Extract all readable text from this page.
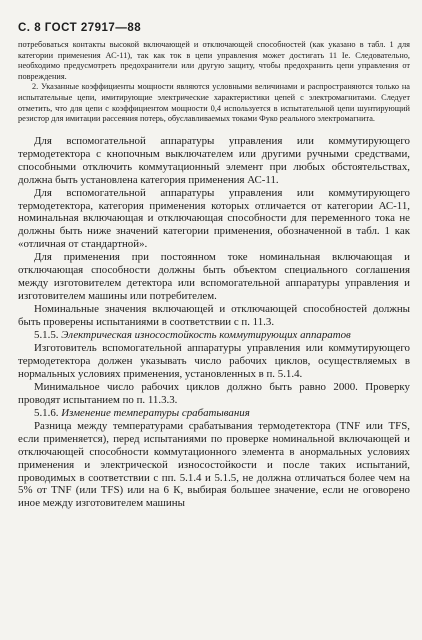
С. 8 ГОСТ 27917—88

потребоваться контакты высокой включающей и отключающей способностей (как указано в табл. 1 для категории применения АС-11), так как ток в цепи управления может достигать 11 Iе. Следовательно, необходимо предусмотреть предохранители или другую защиту, чтобы предохранить цепи управления от повреждения.

2. Указанные коэффициенты мощности являются условными величинами и распространяются только на испытательные цепи, имитирующие электрические характеристики цепей с электромагнитами. Следует отметить, что для цепи с коэффициентом мощности 0,4 используется в испытательной цепи шунтирующий резистор для имитации рассеяния потерь, обуславливаемых токами Фуко реального электромагнита.

Для вспомогательной аппаратуры управления или коммутирующего термодетектора с кнопочным выключателем или другими ручными средствами, способными отключить коммутационный элемент при любых обстоятельствах, должна быть установлена категория применения АС-11.

Для вспомогательной аппаратуры управления или коммутирующего термодетектора, категория применения которых отличается от категории АС-11, номинальная включающая и отключающая способности для переменного тока не должны быть ниже значений категории применения, обозначенной в табл. 1 как «отличная от стандартной».

Для применения при постоянном токе номинальная включающая и отключающая способности должны быть объектом специального соглашения между изготовителем детектора или вспомогательной аппаратуры управления и изготовителем машины или потребителем.

Номинальные значения включающей и отключающей способностей должны быть проверены испытаниями в соответствии с п. 11.3.

5.1.5. Электрическая износостойкость коммутирующих аппаратов

Изготовитель вспомогательной аппаратуры управления или коммутирующего термодетектора должен указывать число рабочих циклов, осуществляемых в нормальных условиях применения, установленных в п. 5.1.4.

Минимальное число рабочих циклов должно быть равно 2000. Проверку проводят испытанием по п. 11.3.3.

5.1.6. Изменение температуры срабатывания

Разница между температурами срабатывания термодетектора (TNF или TFS, если применяется), перед испытаниями по проверке номинальной включающей и отключающей способности коммутационного элемента в анормальных условиях применения и электрической износостойкости и после таких испытаний, проводимых в соответствии с пп. 5.1.4 и 5.1.5, не должна отличаться более чем на 5% от TNF (или TFS) или на 6 К, выбирая большее значение, если не оговорено иное между изготовителем машины
